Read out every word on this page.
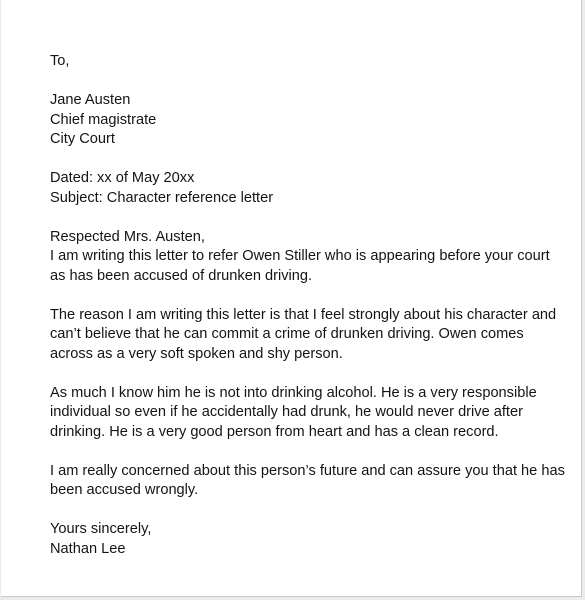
To,
Jane Austen
Chief magistrate
City Court
Dated: xx of May 20xx
Subject: Character reference letter
Respected Mrs. Austen,
I am writing this letter to refer Owen Stiller who is appearing before your court
as has been accused of drunken driving.
The reason I am writing this letter is that I feel strongly about his character and
can’t believe that he can commit a crime of drunken driving. Owen comes
across as a very soft spoken and shy person.
As much I know him he is not into drinking alcohol. He is a very responsible
individual so even if he accidentally had drunk, he would never drive after
drinking. He is a very good person from heart and has a clean record.
I am really concerned about this person’s future and can assure you that he has
been accused wrongly.
Yours sincerely,
Nathan Lee
